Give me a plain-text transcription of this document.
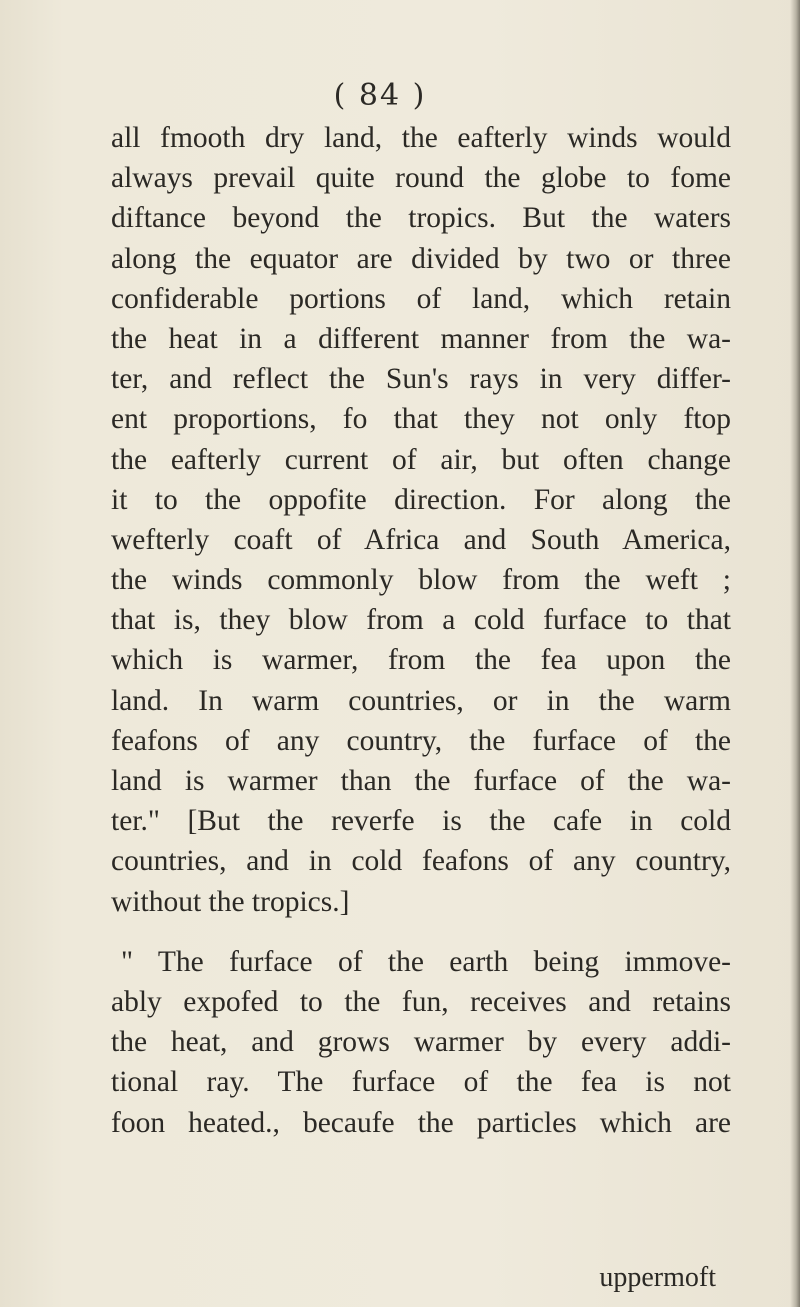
( 84 )
all fmooth dry land, the eafterly winds would
always prevail quite round the globe to fome
diftance beyond the tropics. But the waters
along the equator are divided by two or three
confiderable portions of land, which retain
the heat in a different manner from the wa-
ter, and reflect the Sun's rays in very differ-
ent proportions, fo that they not only ftop
the eafterly current of air, but often change
it to the oppofite direction. For along the
wefterly coaft of Africa and South America,
the winds commonly blow from the weft ;
that is, they blow from a cold furface to that
which is warmer, from the fea upon the
land. In warm countries, or in the warm
feafons of any country, the furface of the
land is warmer than the furface of the wa-
ter." [But the reverfe is the cafe in cold
countries, and in cold feafons of any country,
without the tropics.]
" The furface of the earth being immove-
ably expofed to the fun, receives and retains
the heat, and grows warmer by every addi-
tional ray. The furface of the fea is not
foon heated., becaufe the particles which are
uppermoft
